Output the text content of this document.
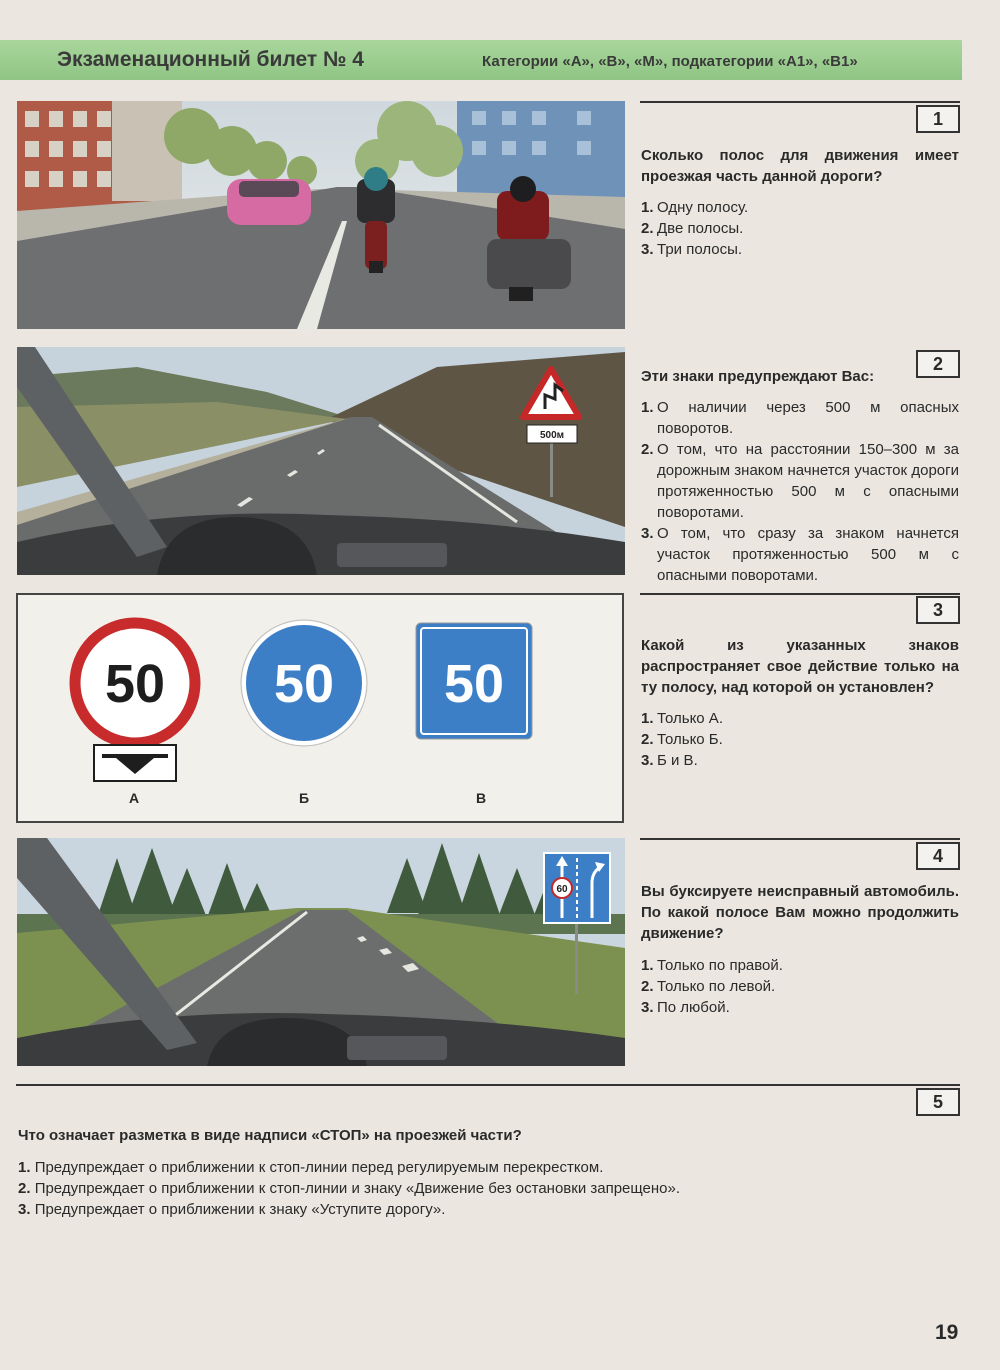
Экзаменационный билет № 4	Категории «А», «В», «М», подкатегории «А1», «В1»
1
Сколько полос для движения имеет проезжая часть данной дороги?
1. Одну полосу.
2. Две полосы.
3. Три полосы.
500м
2
Эти знаки предупреждают Вас:
1. О наличии через 500 м опасных поворотов.
2. О том, что на расстоянии 150–300 м за дорожным знаком начнется участок дороги протяженностью 500 м с опасными поворотами.
3. О том, что сразу за знаком начнется участок протяженностью 500 м с опасными поворотами.
50 50 50
А	Б	В
3
Какой из указанных знаков распространяет свое действие только на ту полосу, над которой он установлен?
1. Только А.
2. Только Б.
3. Б и В.
60
4
Вы буксируете неисправный автомобиль. По какой полосе Вам можно продолжить движение?
1. Только по правой.
2. Только по левой.
3. По любой.
5
Что означает разметка в виде надписи «СТОП» на проезжей части?
1. Предупреждает о приближении к стоп-линии перед регулируемым перекрестком.
2. Предупреждает о приближении к стоп-линии и знаку «Движение без остановки запрещено».
3. Предупреждает о приближении к знаку «Уступите дорогу».
19
